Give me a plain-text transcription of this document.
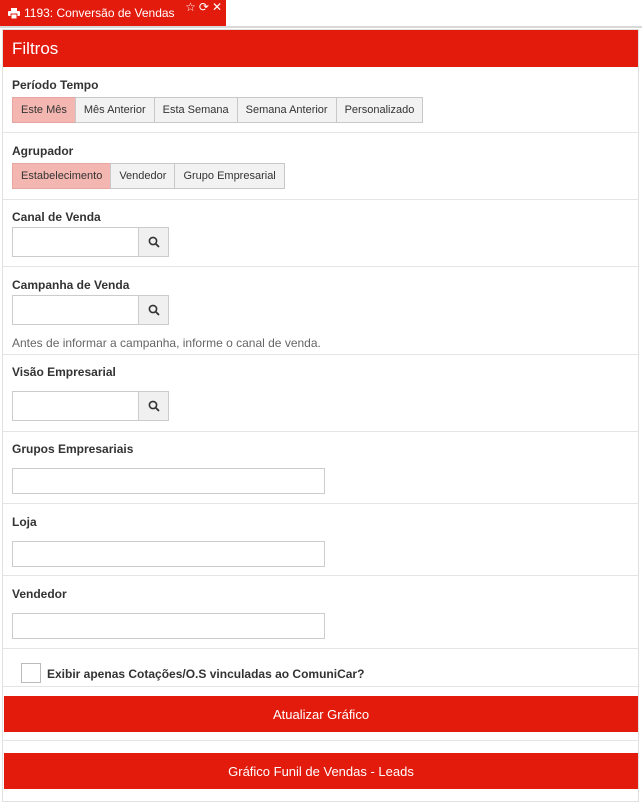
1193: Conversão de Vendas ☆ ⟳ ✕
Filtros
Período Tempo
Este Mês	Mês Anterior	Esta Semana	Semana Anterior	Personalizado
Agrupador
Estabelecimento	Vendedor	Grupo Empresarial
Canal de Venda
Campanha de Venda
Antes de informar a campanha, informe o canal de venda.
Visão Empresarial
Grupos Empresariais
Loja
Vendedor
Exibir apenas Cotações/O.S vinculadas ao ComuniCar?
Atualizar Gráfico
Gráfico Funil de Vendas - Leads
